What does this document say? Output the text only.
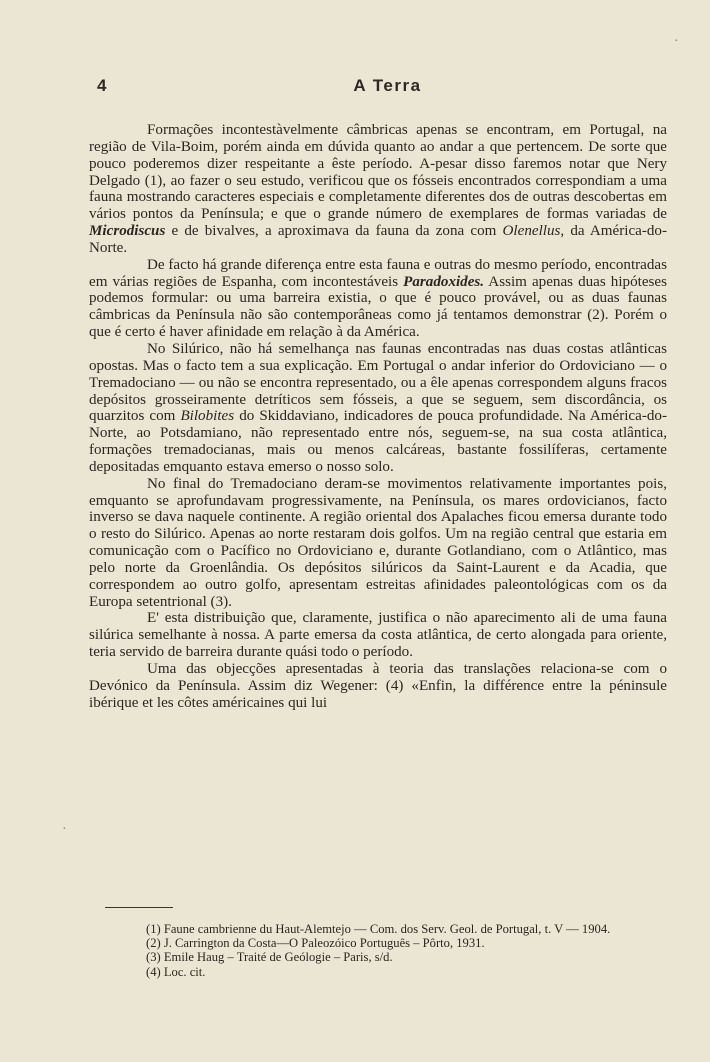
4	A Terra

Formações incontestàvelmente câmbricas apenas se encontram, em Portugal, na região de Vila-Boim, porém ainda em dúvida quanto ao andar a que pertencem. De sorte que pouco poderemos dizer respeitante a êste período. A-pesar disso faremos notar que Nery Delgado (1), ao fazer o seu estudo, verificou que os fósseis encontrados correspondiam a uma fauna mostrando caracteres especiais e completamente diferentes dos de outras descobertas em vários pontos da Península; e que o grande número de exemplares de formas variadas de Microdiscus e de bivalves, a aproximava da fauna da zona com Olenellus, da América-do-Norte.

De facto há grande diferença entre esta fauna e outras do mesmo período, encontradas em várias regiões de Espanha, com incontestáveis Paradoxides. Assim apenas duas hipóteses podemos formular: ou uma barreira existia, o que é pouco provável, ou as duas faunas câmbricas da Península não são contemporâneas como já tentamos demonstrar (2). Porém o que é certo é haver afinidade em relação à da América.

No Silúrico, não há semelhança nas faunas encontradas nas duas costas atlânticas opostas. Mas o facto tem a sua explicação. Em Portugal o andar inferior do Ordoviciano — o Tremadociano — ou não se encontra representado, ou a êle apenas correspondem alguns fracos depósitos grosseiramente detríticos sem fósseis, a que se seguem, sem discordância, os quarzitos com Bilobites do Skiddaviano, indicadores de pouca profundidade. Na América-do-Norte, ao Potsdamiano, não representado entre nós, seguem-se, na sua costa atlântica, formações tremadocianas, mais ou menos calcáreas, bastante fossilíferas, certamente depositadas emquanto estava emerso o nosso solo.

No final do Tremadociano deram-se movimentos relativamente importantes pois, emquanto se aprofundavam progressivamente, na Península, os mares ordovicianos, facto inverso se dava naquele continente. A região oriental dos Apalaches ficou emersa durante todo o resto do Silúrico. Apenas ao norte restaram dois golfos. Um na região central que estaria em comunicação com o Pacífico no Ordoviciano e, durante Gotlandiano, com o Atlântico, mas pelo norte da Groenlândia. Os depósitos silúricos da Saint-Laurent e da Acadia, que correspondem ao outro golfo, apresentam estreitas afinidades paleontológicas com os da Europa setentrional (3).

E' esta distribuição que, claramente, justifica o não aparecimento ali de uma fauna silúrica semelhante à nossa. A parte emersa da costa atlântica, de certo alongada para oriente, teria servido de barreira durante quási todo o período.

Uma das objecções apresentadas à teoria das translações relaciona-se com o Devónico da Península. Assim diz Wegener: (4) «Enfin, la différence entre la péninsule ibérique et les côtes américaines qui lui

(1) Faune cambrienne du Haut-Alemtejo — Com. dos Serv. Geol. de Portugal, t. V — 1904.

(2) J. Carrington da Costa—O Paleozóico Português – Pôrto, 1931.

(3) Emile Haug – Traité de Geólogie – Paris, s/d.

(4) Loc. cit.

·
·
